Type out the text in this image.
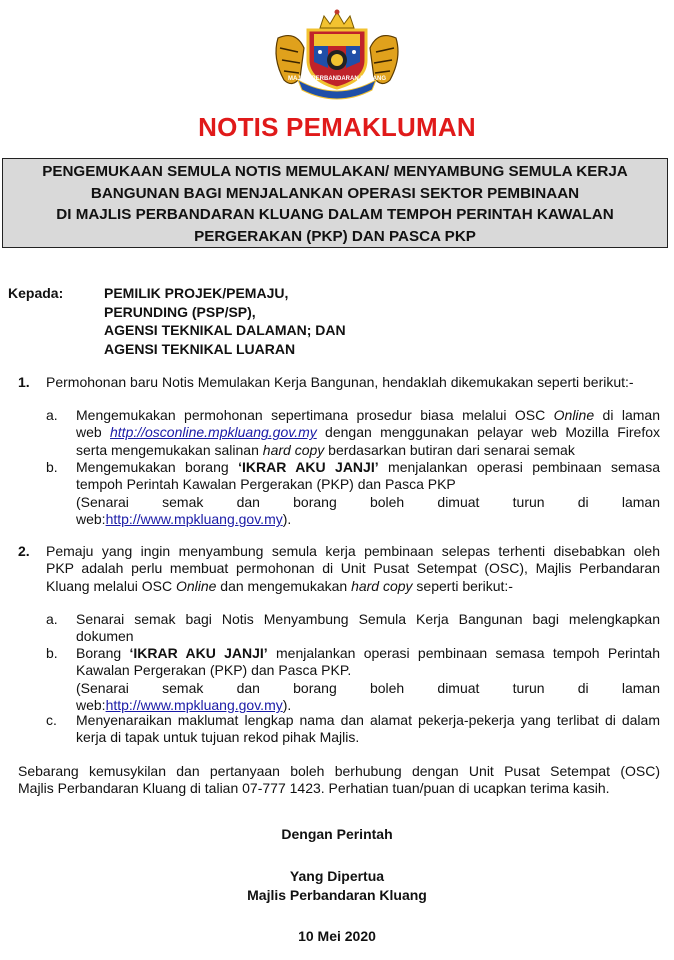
MAJLIS PERBANDARAN KLUANG
NOTIS PEMAKLUMAN
PENGEMUKAAN SEMULA NOTIS MEMULAKAN/ MENYAMBUNG SEMULA KERJA
BANGUNAN BAGI MENJALANKAN OPERASI SEKTOR PEMBINAAN
DI MAJLIS PERBANDARAN KLUANG DALAM TEMPOH PERINTAH KAWALAN
PERGERAKAN (PKP) DAN PASCA PKP
Kepada:	PEMILIK PROJEK/PEMAJU,
PERUNDING (PSP/SP),
AGENSI TEKNIKAL DALAMAN; DAN
AGENSI TEKNIKAL LUARAN
1. Permohonan baru Notis Memulakan Kerja Bangunan, hendaklah dikemukakan seperti berikut:-
a. Mengemukakan permohonan sepertimana prosedur biasa melalui OSC Online di laman
web http://osconline.mpkluang.gov.my dengan menggunakan pelayar web Mozilla Firefox
serta mengemukakan salinan hard copy berdasarkan butiran dari senarai semak
b. Mengemukakan borang ‘IKRAR AKU JANJI’ menjalankan operasi pembinaan semasa
tempoh Perintah Kawalan Pergerakan (PKP) dan Pasca PKP
(Senarai semak dan borang boleh dimuat turun di laman
web:http://www.mpkluang.gov.my).
2. Pemaju yang ingin menyambung semula kerja pembinaan selepas terhenti disebabkan oleh
PKP adalah perlu membuat permohonan di Unit Pusat Setempat (OSC), Majlis Perbandaran
Kluang melalui OSC Online dan mengemukakan hard copy seperti berikut:-
a. Senarai semak bagi Notis Menyambung Semula Kerja Bangunan bagi melengkapkan
dokumen
b. Borang ‘IKRAR AKU JANJI’ menjalankan operasi pembinaan semasa tempoh Perintah
Kawalan Pergerakan (PKP) dan Pasca PKP.
(Senarai semak dan borang boleh dimuat turun di laman
web:http://www.mpkluang.gov.my).
c. Menyenaraikan maklumat lengkap nama dan alamat pekerja-pekerja yang terlibat di dalam
kerja di tapak untuk tujuan rekod pihak Majlis.
Sebarang kemusykilan dan pertanyaan boleh berhubung dengan Unit Pusat Setempat (OSC)
Majlis Perbandaran Kluang di talian 07-777 1423. Perhatian tuan/puan di ucapkan terima kasih.
Dengan Perintah
Yang Dipertua
Majlis Perbandaran Kluang
10 Mei 2020
